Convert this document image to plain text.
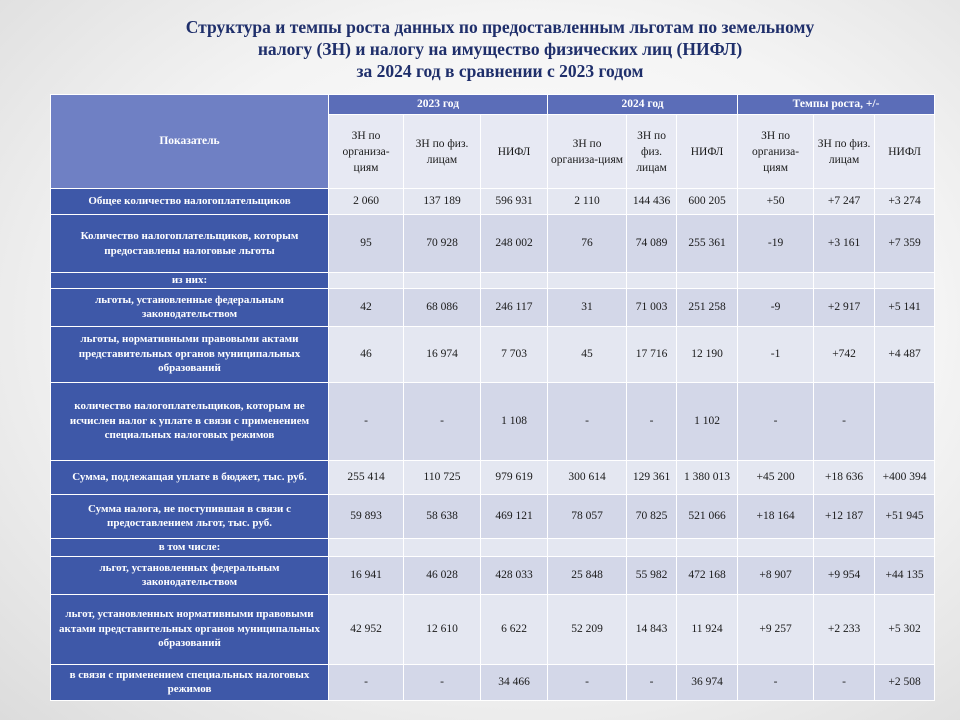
Структура и темпы роста данных по предоставленным льготам по земельному
налогу (ЗН) и налогу на имущество физических лиц (НИФЛ)
за 2024 год в сравнении с 2023 годом
Показатель	2023 год			2024 год			Темпы роста, +/-		
	ЗН по организа-циям	ЗН по физ. лицам	НИФЛ	ЗН по организа-циям	ЗН по физ. лицам	НИФЛ	ЗН по организа-циям	ЗН по физ. лицам	НИФЛ
Общее количество налогоплательщиков	2 060	137 189	596 931	2 110	144 436	600 205	+50	+7 247	+3 274
Количество налогоплательщиков, которым предоставлены налоговые льготы	95	70 928	248 002	76	74 089	255 361	-19	+3 161	+7 359
из них:									
льготы, установленные федеральным законодательством	42	68 086	246 117	31	71 003	251 258	-9	+2 917	+5 141
льготы, нормативными правовыми актами представительных органов муниципальных образований	46	16 974	7 703	45	17 716	12 190	-1	+742	+4 487
количество налогоплательщиков, которым не исчислен налог к уплате в связи с применением специальных налоговых режимов	-	-	1 108	-	-	1 102	-	-	
Сумма, подлежащая уплате в бюджет, тыс. руб.	255 414	110 725	979 619	300 614	129 361	1 380 013	+45 200	+18 636	+400 394
Сумма налога, не поступившая в связи с предоставлением льгот, тыс. руб.	59 893	58 638	469 121	78 057	70 825	521 066	+18 164	+12 187	+51 945
в том числе:									
льгот, установленных федеральным законодательством	16 941	46 028	428 033	25 848	55 982	472 168	+8 907	+9 954	+44 135
льгот, установленных нормативными правовыми актами представительных органов муниципальных образований	42 952	12 610	6 622	52 209	14 843	11 924	+9 257	+2 233	+5 302
в связи с применением специальных налоговых режимов	-	-	34 466	-	-	36 974	-	-	+2 508
